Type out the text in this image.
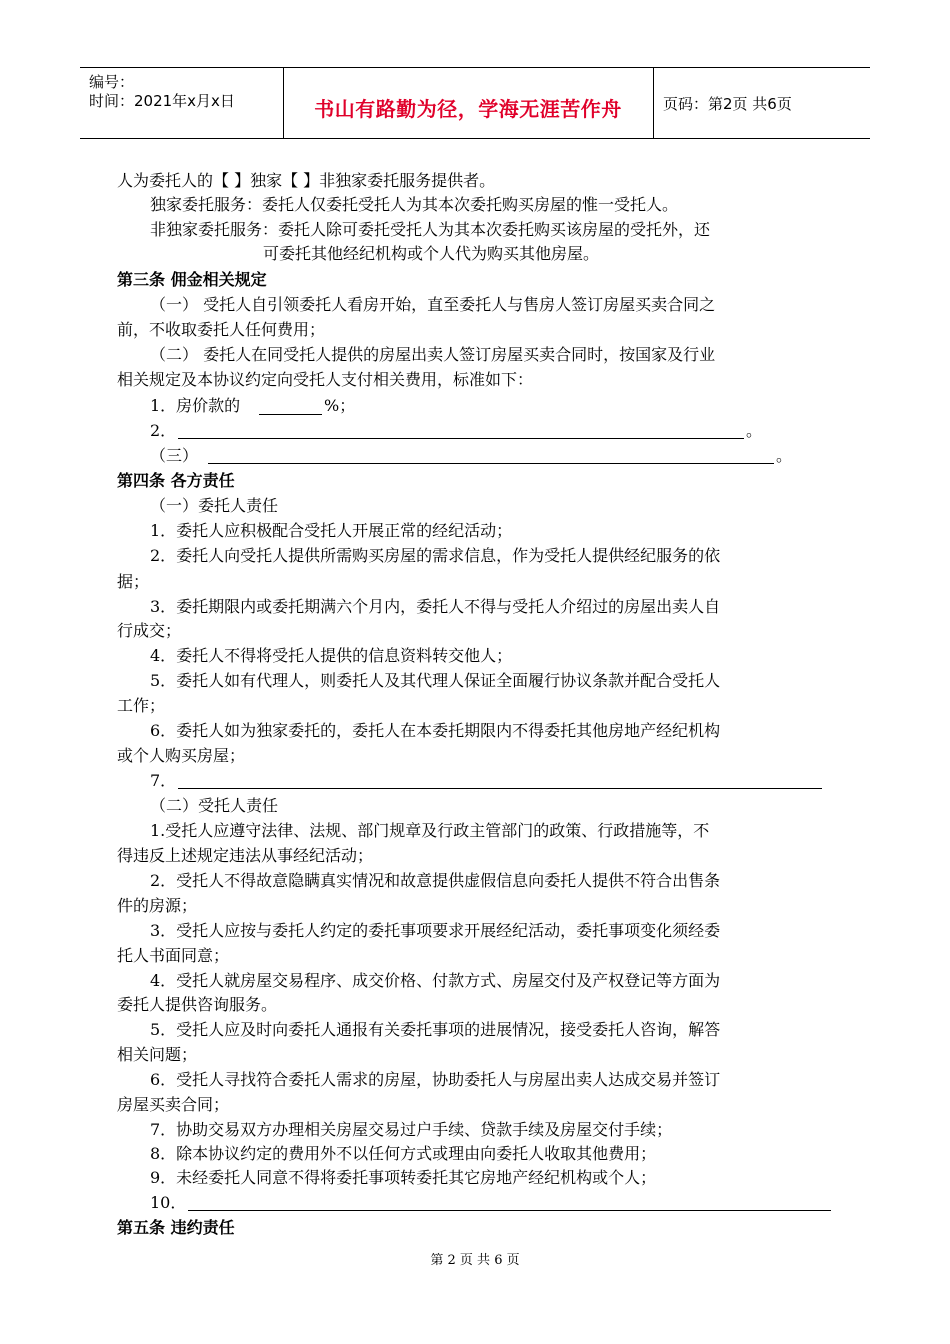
编号：
时间：2021年x月x日	书山有路勤为径，学海无涯苦作舟	页码：第2页 共6页
人为委托人的【 】独家【 】非独家委托服务提供者。
独家委托服务：委托人仅委托受托人为其本次委托购买房屋的惟一受托人。
非独家委托服务：委托人除可委托受托人为其本次委托购买该房屋的受托外，还
可委托其他经纪机构或个人代为购买其他房屋。
第三条 佣金相关规定
（一） 受托人自引领委托人看房开始，直至委托人与售房人签订房屋买卖合同之
前，不收取委托人任何费用；
（二） 委托人在同受托人提供的房屋出卖人签订房屋买卖合同时，按国家及行业
相关规定及本协议约定向受托人支付相关费用，标准如下：
1．房价款的	%；
2．	。
（三）	。
第四条 各方责任
（一）委托人责任
1．委托人应积极配合受托人开展正常的经纪活动；
2．委托人向受托人提供所需购买房屋的需求信息，作为受托人提供经纪服务的依
据；
3．委托期限内或委托期满六个月内，委托人不得与受托人介绍过的房屋出卖人自
行成交；
4．委托人不得将受托人提供的信息资料转交他人；
5．委托人如有代理人，则委托人及其代理人保证全面履行协议条款并配合受托人
工作；
6．委托人如为独家委托的，委托人在本委托期限内不得委托其他房地产经纪机构
或个人购买房屋；
7．
（二）受托人责任
1.受托人应遵守法律、法规、部门规章及行政主管部门的政策、行政措施等，不
得违反上述规定违法从事经纪活动；
2．受托人不得故意隐瞒真实情况和故意提供虚假信息向委托人提供不符合出售条
件的房源；
3．受托人应按与委托人约定的委托事项要求开展经纪活动，委托事项变化须经委
托人书面同意；
4．受托人就房屋交易程序、成交价格、付款方式、房屋交付及产权登记等方面为
委托人提供咨询服务。
5．受托人应及时向委托人通报有关委托事项的进展情况，接受委托人咨询，解答
相关问题；
6．受托人寻找符合委托人需求的房屋，协助委托人与房屋出卖人达成交易并签订
房屋买卖合同；
7．协助交易双方办理相关房屋交易过户手续、贷款手续及房屋交付手续；
8．除本协议约定的费用外不以任何方式或理由向委托人收取其他费用；
9．未经委托人同意不得将委托事项转委托其它房地产经纪机构或个人；
10．
第五条 违约责任
第 2 页 共 6 页
